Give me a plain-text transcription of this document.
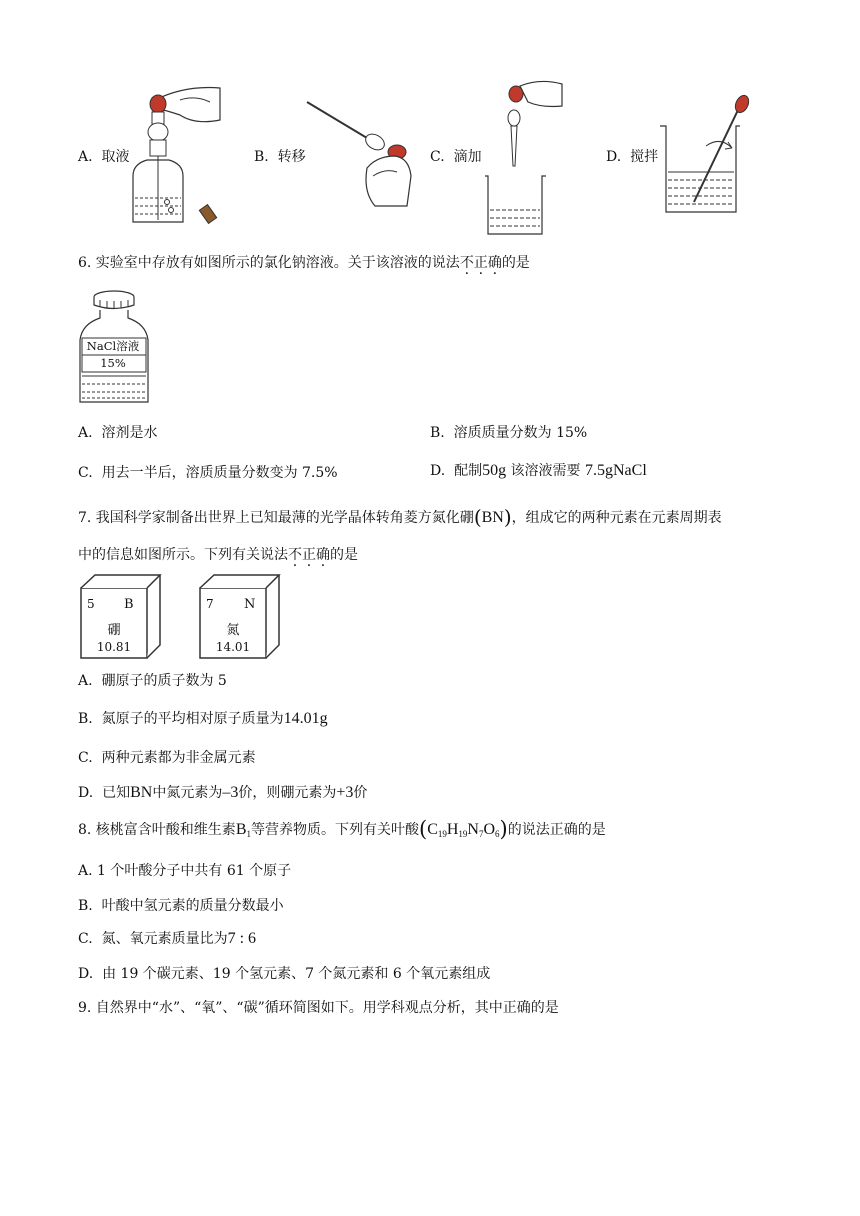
A. 取液	B. 转移	C. 滴加	D. 搅拌
6. 实验室中存放有如图所示的氯化钠溶液。关于该溶液的说法不正确的是
NaCl溶液
15%
A. 溶剂是水	B. 溶质质量分数为 15%
C. 用去一半后，溶质质量分数变为 7.5%	D. 配制50g 该溶液需要 7.5gNaCl
7. 我国科学家制备出世界上已知最薄的光学晶体转角菱方氮化硼(BN)，组成它的两种元素在元素周期表
中的信息如图所示。下列有关说法不正确的是
5 B
硼
10.81
7 N
氮
14.01
A. 硼原子的质子数为 5
B. 氮原子的平均相对原子质量为14.01g
C. 两种元素都为非金属元素
D. 已知BN中氮元素为–3价，则硼元素为+3价
8. 核桃富含叶酸和维生素$B_1$等营养物质。下列有关叶酸$(C_{19}H_{19}N_7O_6)$的说法正确的是
A. 1 个叶酸分子中共有 61 个原子
B. 叶酸中氢元素的质量分数最小
C. 氮、氧元素质量比为7 : 6
D. 由 19 个碳元素、19 个氢元素、7 个氮元素和 6 个氧元素组成
9. 自然界中“水”、“氧”、“碳”循环简图如下。用学科观点分析，其中正确的是
